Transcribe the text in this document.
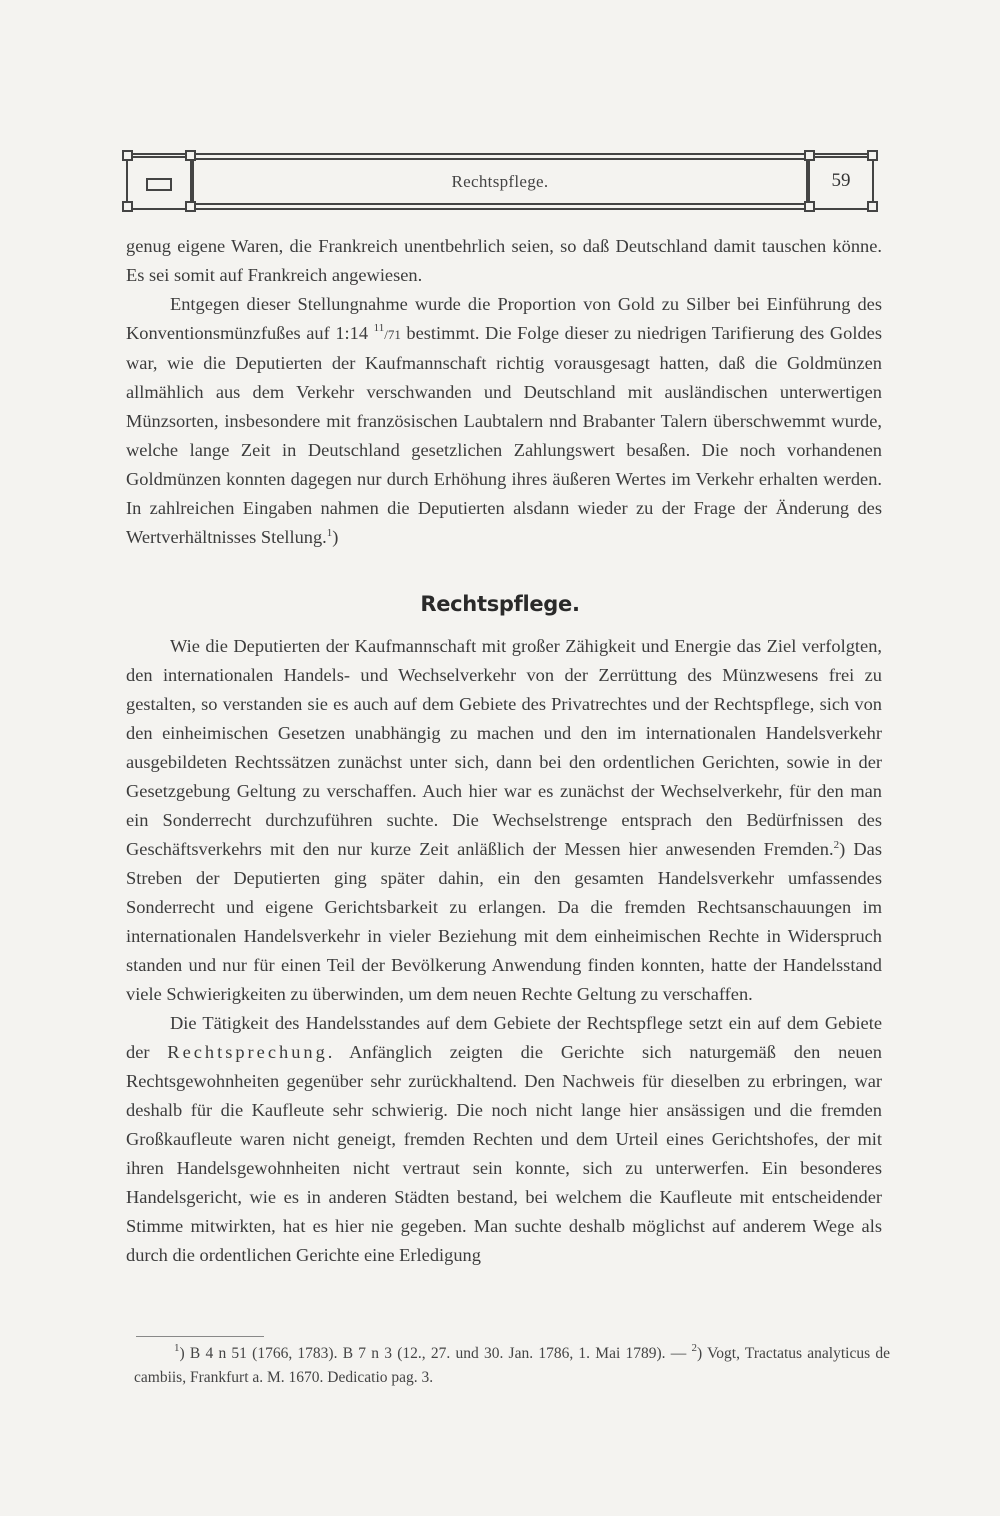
Rechtspflege.	59

genug eigene Waren, die Frankreich unentbehrlich seien, so daß Deutschland damit tauschen könne. Es sei somit auf Frankreich angewiesen.

Entgegen dieser Stellungnahme wurde die Proportion von Gold zu Silber bei Einführung des Konventionsmünzfußes auf 1:14 $^{11}$/71 bestimmt. Die Folge dieser zu niedrigen Tarifierung des Goldes war, wie die Deputierten der Kaufmannschaft richtig vorausgesagt hatten, daß die Goldmünzen allmählich aus dem Verkehr verschwanden und Deutschland mit ausländischen unterwertigen Münzsorten, insbesondere mit französischen Laubtalern nnd Brabanter Talern überschwemmt wurde, welche lange Zeit in Deutschland gesetzlichen Zahlungswert besaßen. Die noch vorhandenen Goldmünzen konnten dagegen nur durch Erhöhung ihres äußeren Wertes im Verkehr erhalten werden. In zahlreichen Eingaben nahmen die Deputierten alsdann wieder zu der Frage der Änderung des Wertverhältnisses Stellung.$^1$)

Rechtspflege.

Wie die Deputierten der Kaufmannschaft mit großer Zähigkeit und Energie das Ziel verfolgten, den internationalen Handels- und Wechselverkehr von der Zerrüttung des Münzwesens frei zu gestalten, so verstanden sie es auch auf dem Gebiete des Privatrechtes und der Rechtspflege, sich von den einheimischen Gesetzen unabhängig zu machen und den im internationalen Handelsverkehr ausgebildeten Rechtssätzen zunächst unter sich, dann bei den ordentlichen Gerichten, sowie in der Gesetzgebung Geltung zu verschaffen. Auch hier war es zunächst der Wechselverkehr, für den man ein Sonderrecht durchzuführen suchte. Die Wechselstrenge entsprach den Bedürfnissen des Geschäftsverkehrs mit den nur kurze Zeit anläßlich der Messen hier anwesenden Fremden.$^2$) Das Streben der Deputierten ging später dahin, ein den gesamten Handelsverkehr umfassendes Sonderrecht und eigene Gerichtsbarkeit zu erlangen. Da die fremden Rechtsanschauungen im internationalen Handelsverkehr in vieler Beziehung mit dem einheimischen Rechte in Widerspruch standen und nur für einen Teil der Bevölkerung Anwendung finden konnten, hatte der Handelsstand viele Schwierigkeiten zu überwinden, um dem neuen Rechte Geltung zu verschaffen.

Die Tätigkeit des Handelsstandes auf dem Gebiete der Rechtspflege setzt ein auf dem Gebiete der Rechtsprechung. Anfänglich zeigten die Gerichte sich naturgemäß den neuen Rechtsgewohnheiten gegenüber sehr zurückhaltend. Den Nachweis für dieselben zu erbringen, war deshalb für die Kaufleute sehr schwierig. Die noch nicht lange hier ansässigen und die fremden Großkaufleute waren nicht geneigt, fremden Rechten und dem Urteil eines Gerichtshofes, der mit ihren Handelsgewohnheiten nicht vertraut sein konnte, sich zu unterwerfen. Ein besonderes Handelsgericht, wie es in anderen Städten bestand, bei welchem die Kaufleute mit entscheidender Stimme mitwirkten, hat es hier nie gegeben. Man suchte deshalb möglichst auf anderem Wege als durch die ordentlichen Gerichte eine Erledigung

$^1$) B 4 n 51 (1766, 1783). B 7 n 3 (12., 27. und 30. Jan. 1786, 1. Mai 1789). — $^2$) Vogt, Tractatus analyticus de cambiis, Frankfurt a. M. 1670. Dedicatio pag. 3.
